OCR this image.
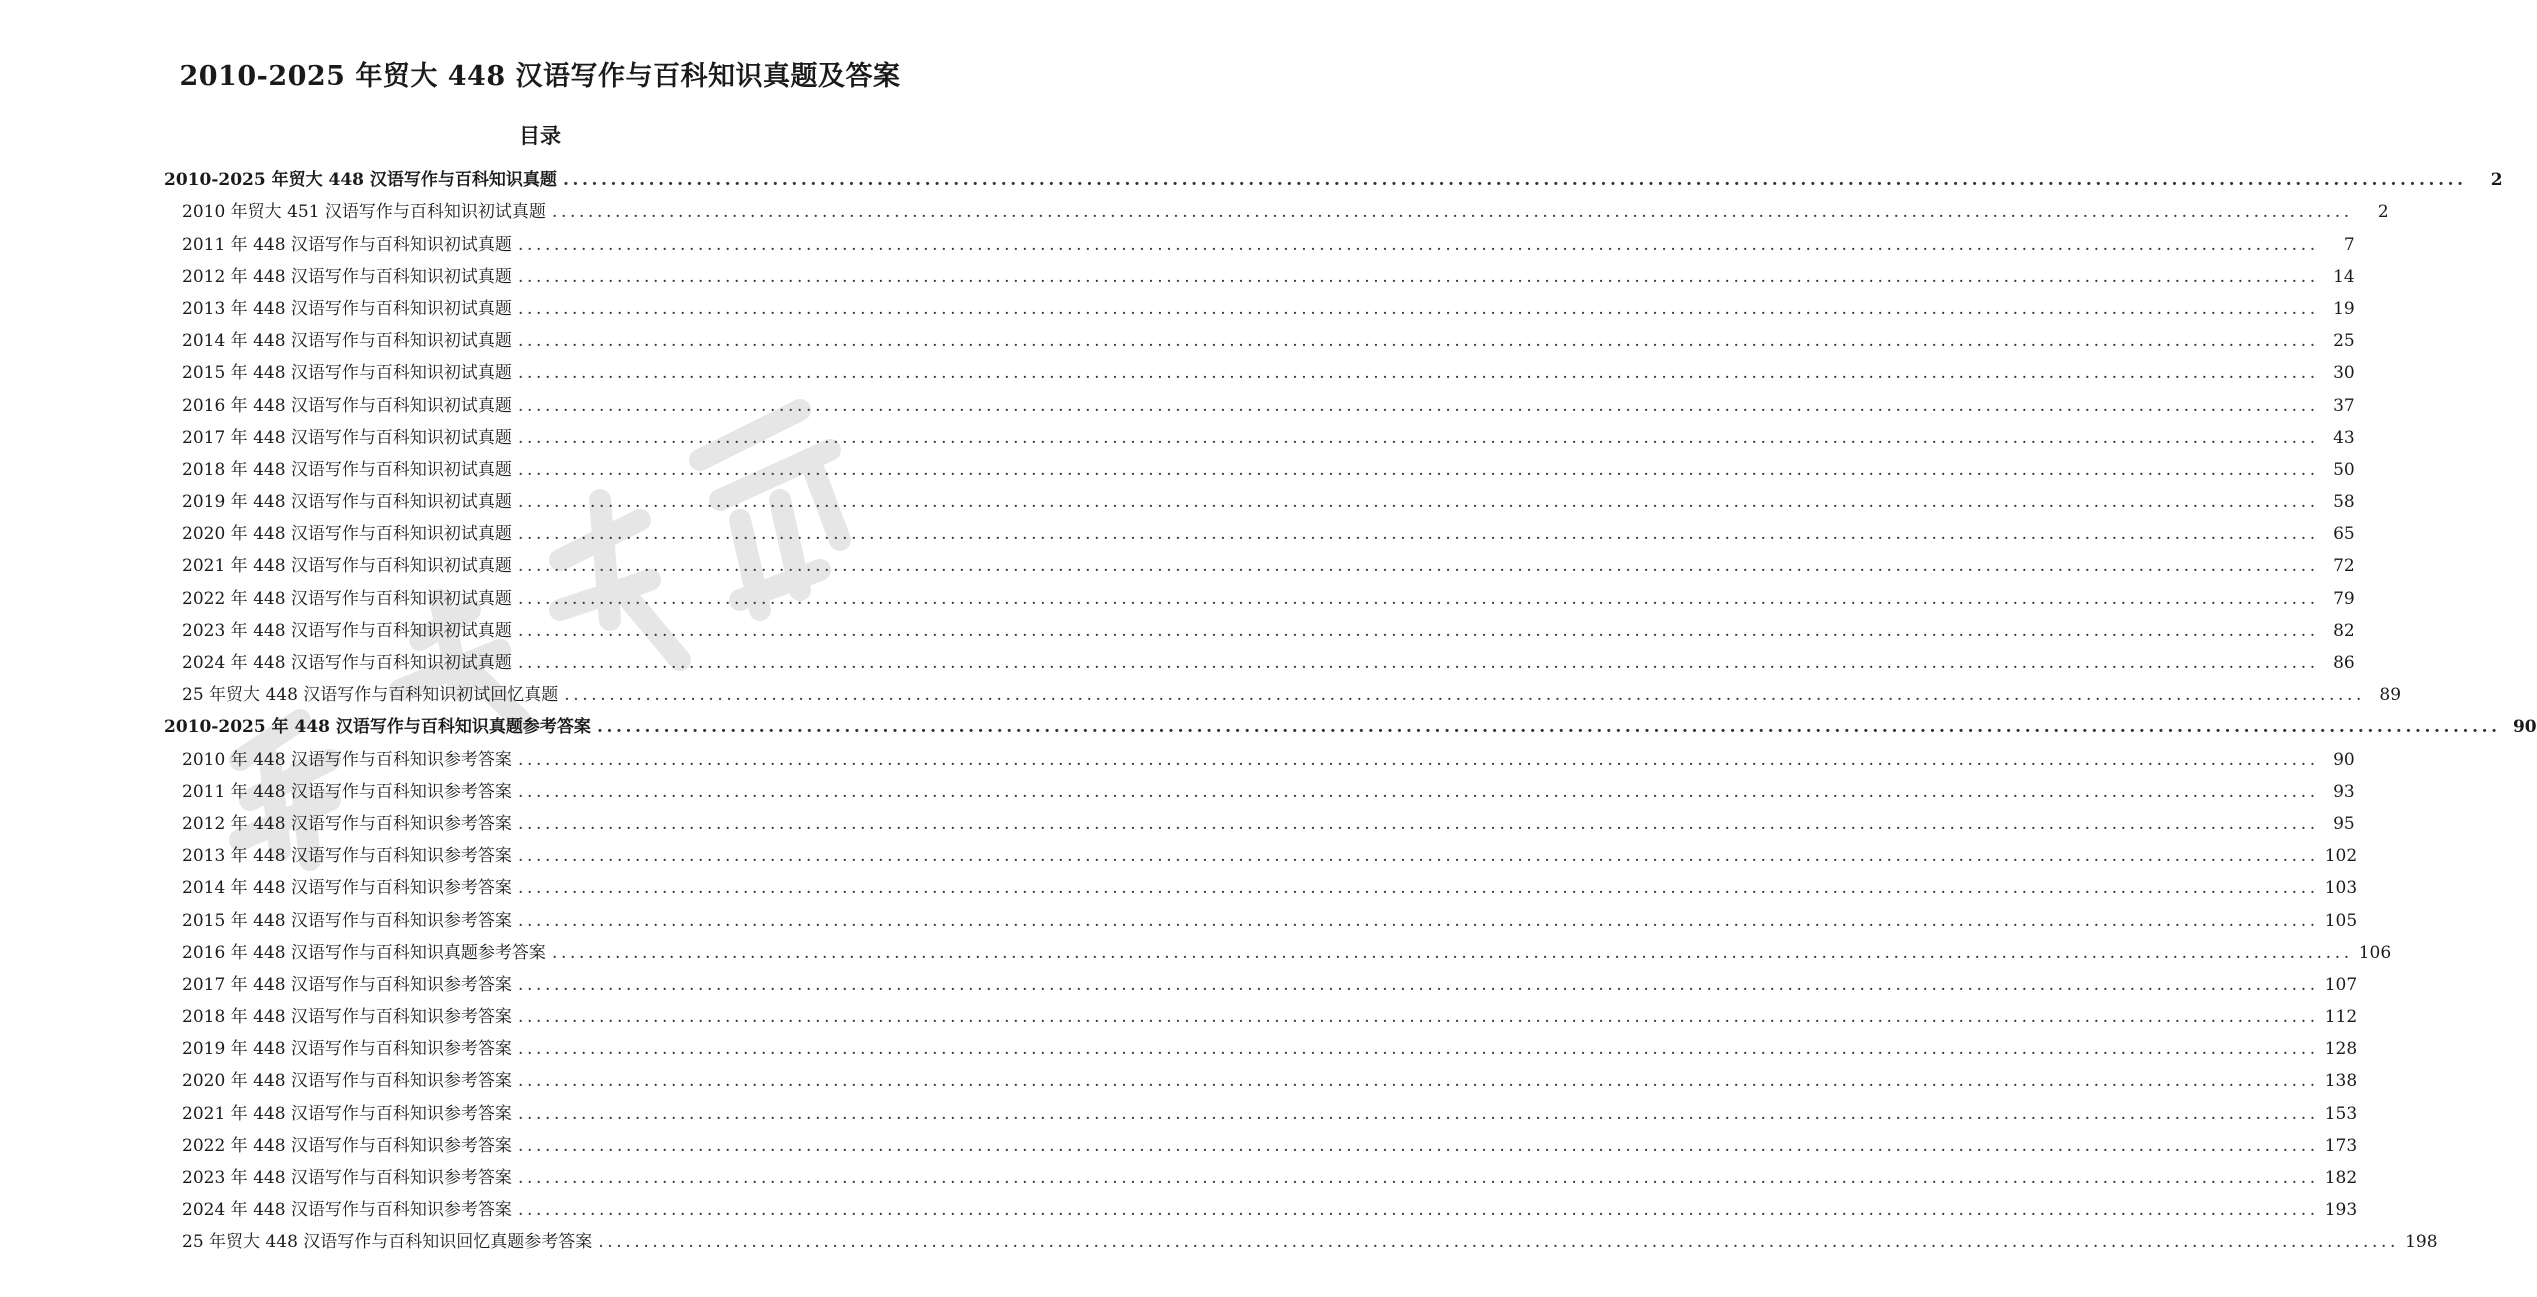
育
2010-2025 年贸大 448 汉语写作与百科知识真题及答案
目录
2010-2025 年贸大 448 汉语写作与百科知识真题 ........................................................................................................................................................................................................	2
2010 年贸大 451 汉语写作与百科知识初试真题 ........................................................................................................................................................................................................	2
2011 年 448 汉语写作与百科知识初试真题 ........................................................................................................................................................................................................	7
2012 年 448 汉语写作与百科知识初试真题 ........................................................................................................................................................................................................ 14
2013 年 448 汉语写作与百科知识初试真题 ........................................................................................................................................................................................................ 19
2014 年 448 汉语写作与百科知识初试真题 ........................................................................................................................................................................................................ 25
2015 年 448 汉语写作与百科知识初试真题 ........................................................................................................................................................................................................ 30
2016 年 448 汉语写作与百科知识初试真题 ........................................................................................................................................................................................................ 37
2017 年 448 汉语写作与百科知识初试真题 ........................................................................................................................................................................................................ 43
2018 年 448 汉语写作与百科知识初试真题 ........................................................................................................................................................................................................ 50
2019 年 448 汉语写作与百科知识初试真题 ........................................................................................................................................................................................................ 58
2020 年 448 汉语写作与百科知识初试真题 ........................................................................................................................................................................................................ 65
2021 年 448 汉语写作与百科知识初试真题 ........................................................................................................................................................................................................ 72
2022 年 448 汉语写作与百科知识初试真题 ........................................................................................................................................................................................................ 79
2023 年 448 汉语写作与百科知识初试真题 ........................................................................................................................................................................................................ 82
2024 年 448 汉语写作与百科知识初试真题 ........................................................................................................................................................................................................ 86
25 年贸大 448 汉语写作与百科知识初试回忆真题 ........................................................................................................................................................................................................ 89
2010-2025 年 448 汉语写作与百科知识真题参考答案 ........................................................................................................................................................................................................ 90
2010 年 448 汉语写作与百科知识参考答案 ........................................................................................................................................................................................................ 90
2011 年 448 汉语写作与百科知识参考答案 ........................................................................................................................................................................................................ 93
2012 年 448 汉语写作与百科知识参考答案 ........................................................................................................................................................................................................ 95
2013 年 448 汉语写作与百科知识参考答案 ........................................................................................................................................................................................................ 102
2014 年 448 汉语写作与百科知识参考答案 ........................................................................................................................................................................................................ 103
2015 年 448 汉语写作与百科知识参考答案 ........................................................................................................................................................................................................ 105
2016 年 448 汉语写作与百科知识真题参考答案 ........................................................................................................................................................................................................ 106
2017 年 448 汉语写作与百科知识参考答案 ........................................................................................................................................................................................................ 107
2018 年 448 汉语写作与百科知识参考答案 ........................................................................................................................................................................................................ 112
2019 年 448 汉语写作与百科知识参考答案 ........................................................................................................................................................................................................ 128
2020 年 448 汉语写作与百科知识参考答案 ........................................................................................................................................................................................................ 138
2021 年 448 汉语写作与百科知识参考答案 ........................................................................................................................................................................................................ 153
2022 年 448 汉语写作与百科知识参考答案 ........................................................................................................................................................................................................ 173
2023 年 448 汉语写作与百科知识参考答案 ........................................................................................................................................................................................................ 182
2024 年 448 汉语写作与百科知识参考答案 ........................................................................................................................................................................................................ 193
25 年贸大 448 汉语写作与百科知识回忆真题参考答案 ........................................................................................................................................................................................................ 198
